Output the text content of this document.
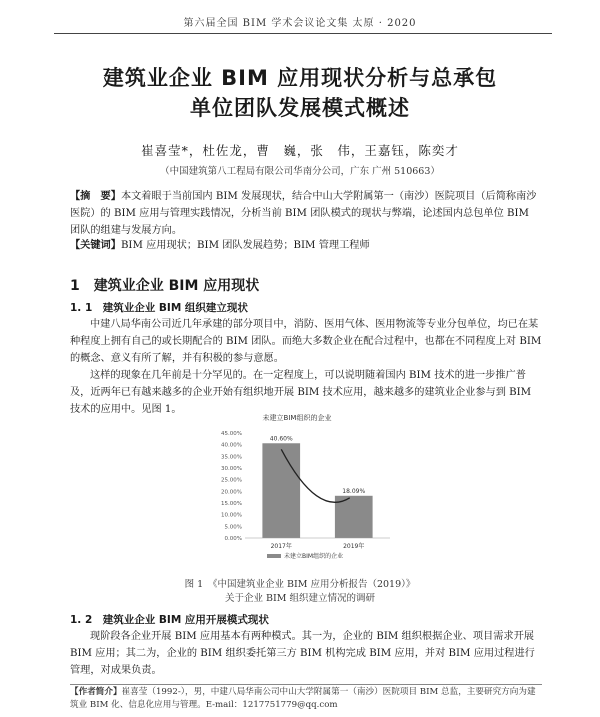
第六届全国 BIM 学术会议论文集 太原 · 2020
建筑业企业 BIM 应用现状分析与总承包
单位团队发展模式概述
崔喜莹*，杜佐龙，曹　巍，张　伟，王嘉钰，陈奕才
（中国建筑第八工程局有限公司华南分公司，广东 广州 510663）
【摘　要】本文着眼于当前国内 BIM 发展现状，结合中山大学附属第一（南沙）医院项目（后简称南沙医院）的 BIM 应用与管理实践情况，分析当前 BIM 团队模式的现状与弊端，论述国内总包单位 BIM 团队的组建与发展方向。
【关键词】BIM 应用现状；BIM 团队发展趋势；BIM 管理工程师
1　建筑业企业 BIM 应用现状
1. 1　建筑业企业 BIM 组织建立现状
中建八局华南公司近几年承建的部分项目中，消防、医用气体、医用物流等专业分包单位，均已在某种程度上拥有自己的或长期配合的 BIM 团队。而绝大多数企业在配合过程中，也都在不同程度上对 BIM 的概念、意义有所了解，并有积极的参与意愿。
这样的现象在几年前是十分罕见的。在一定程度上，可以说明随着国内 BIM 技术的进一步推广普及，近两年已有越来越多的企业开始有组织地开展 BIM 技术应用，越来越多的建筑业企业参与到 BIM 技术的应用中。见图 1。
未建立BIM组织的企业
0.00%
5.00%
10.00%
15.00%
20.00%
25.00%
30.00%
35.00%
40.00%
45.00%
40.60%
18.09%
2017年	2019年
未建立BIM组织的企业
图 1　《中国建筑业企业 BIM 应用分析报告（2019）》
关于企业 BIM 组织建立情况的调研
1. 2　建筑业企业 BIM 应用开展模式现状
现阶段各企业开展 BIM 应用基本有两种模式。其一为，企业的 BIM 组织根据企业、项目需求开展 BIM 应用；其二为，企业的 BIM 组织委托第三方 BIM 机构完成 BIM 应用，并对 BIM 应用过程进行管理，对成果负责。
【作者简介】崔喜莹（1992-），男，中建八局华南公司中山大学附属第一（南沙）医院项目 BIM 总监，主要研究方向为建筑业 BIM 化、信息化应用与管理。E-mail：1217751779@qq.com
